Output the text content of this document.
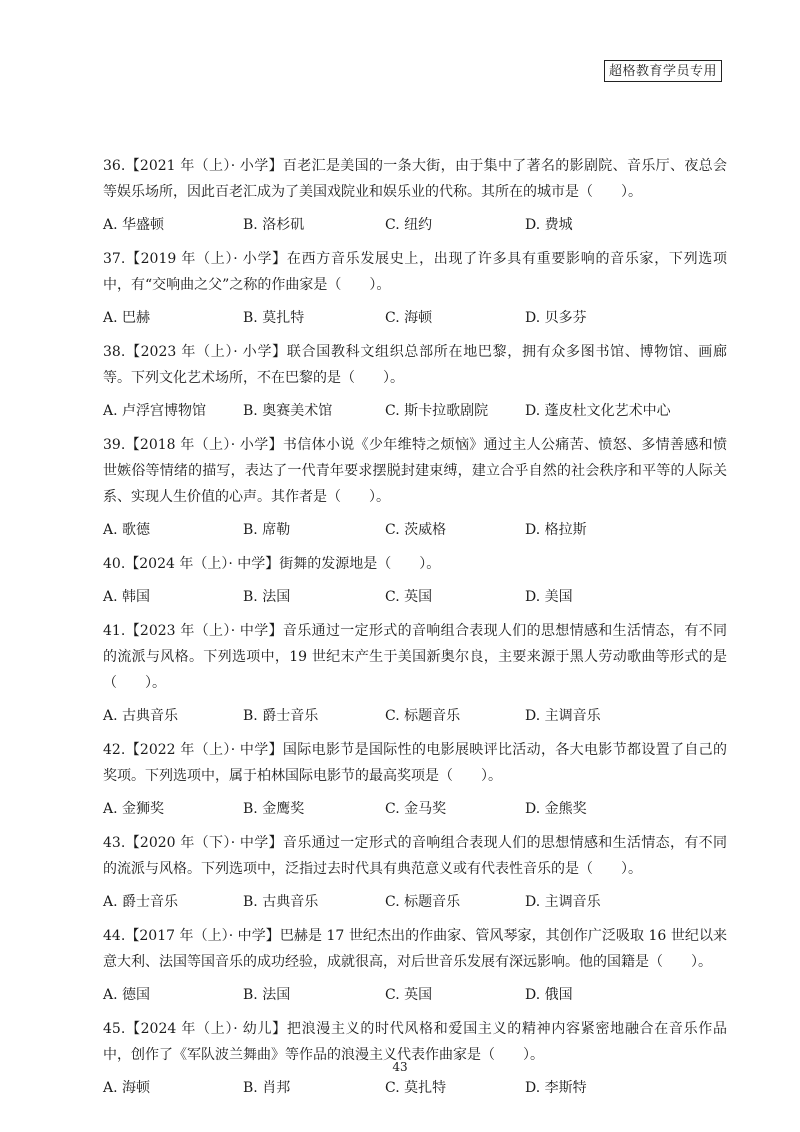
超格教育学员专用

36.【2021 年（上）· 小学】百老汇是美国的一条大街，由于集中了著名的影剧院、音乐厅、夜总会等娱乐场所，因此百老汇成为了美国戏院业和娱乐业的代称。其所在的城市是（　　）。

A. 华盛顿	B. 洛杉矶	C. 纽约	D. 费城

37.【2019 年（上）· 小学】在西方音乐发展史上，出现了许多具有重要影响的音乐家，下列选项中，有“交响曲之父”之称的作曲家是（　　）。

A. 巴赫	B. 莫扎特	C. 海顿	D. 贝多芬

38.【2023 年（上）· 小学】联合国教科文组织总部所在地巴黎，拥有众多图书馆、博物馆、画廊等。下列文化艺术场所，不在巴黎的是（　　）。

A. 卢浮宫博物馆	B. 奥赛美术馆	C. 斯卡拉歌剧院	D. 蓬皮杜文化艺术中心

39.【2018 年（上）· 小学】书信体小说《少年维特之烦恼》通过主人公痛苦、愤怒、多情善感和愤世嫉俗等情绪的描写，表达了一代青年要求摆脱封建束缚，建立合乎自然的社会秩序和平等的人际关系、实现人生价值的心声。其作者是（　　）。

A. 歌德	B. 席勒	C. 茨威格	D. 格拉斯

40.【2024 年（上）· 中学】街舞的发源地是（　　）。

A. 韩国	B. 法国	C. 英国	D. 美国

41.【2023 年（上）· 中学】音乐通过一定形式的音响组合表现人们的思想情感和生活情态，有不同的流派与风格。下列选项中，19 世纪末产生于美国新奥尔良，主要来源于黑人劳动歌曲等形式的是（　　）。

A. 古典音乐	B. 爵士音乐	C. 标题音乐	D. 主调音乐

42.【2022 年（上）· 中学】国际电影节是国际性的电影展映评比活动，各大电影节都设置了自己的奖项。下列选项中，属于柏林国际电影节的最高奖项是（　　）。

A. 金狮奖	B. 金鹰奖	C. 金马奖	D. 金熊奖

43.【2020 年（下）· 中学】音乐通过一定形式的音响组合表现人们的思想情感和生活情态，有不同的流派与风格。下列选项中，泛指过去时代具有典范意义或有代表性音乐的是（　　）。

A. 爵士音乐	B. 古典音乐	C. 标题音乐	D. 主调音乐

44.【2017 年（上）· 中学】巴赫是 17 世纪杰出的作曲家、管风琴家，其创作广泛吸取 16 世纪以来意大利、法国等国音乐的成功经验，成就很高，对后世音乐发展有深远影响。他的国籍是（　　）。

A. 德国	B. 法国	C. 英国	D. 俄国

45.【2024 年（上）· 幼儿】把浪漫主义的时代风格和爱国主义的精神内容紧密地融合在音乐作品中，创作了《军队波兰舞曲》等作品的浪漫主义代表作曲家是（　　）。

A. 海顿	B. 肖邦	C. 莫扎特	D. 李斯特
43
